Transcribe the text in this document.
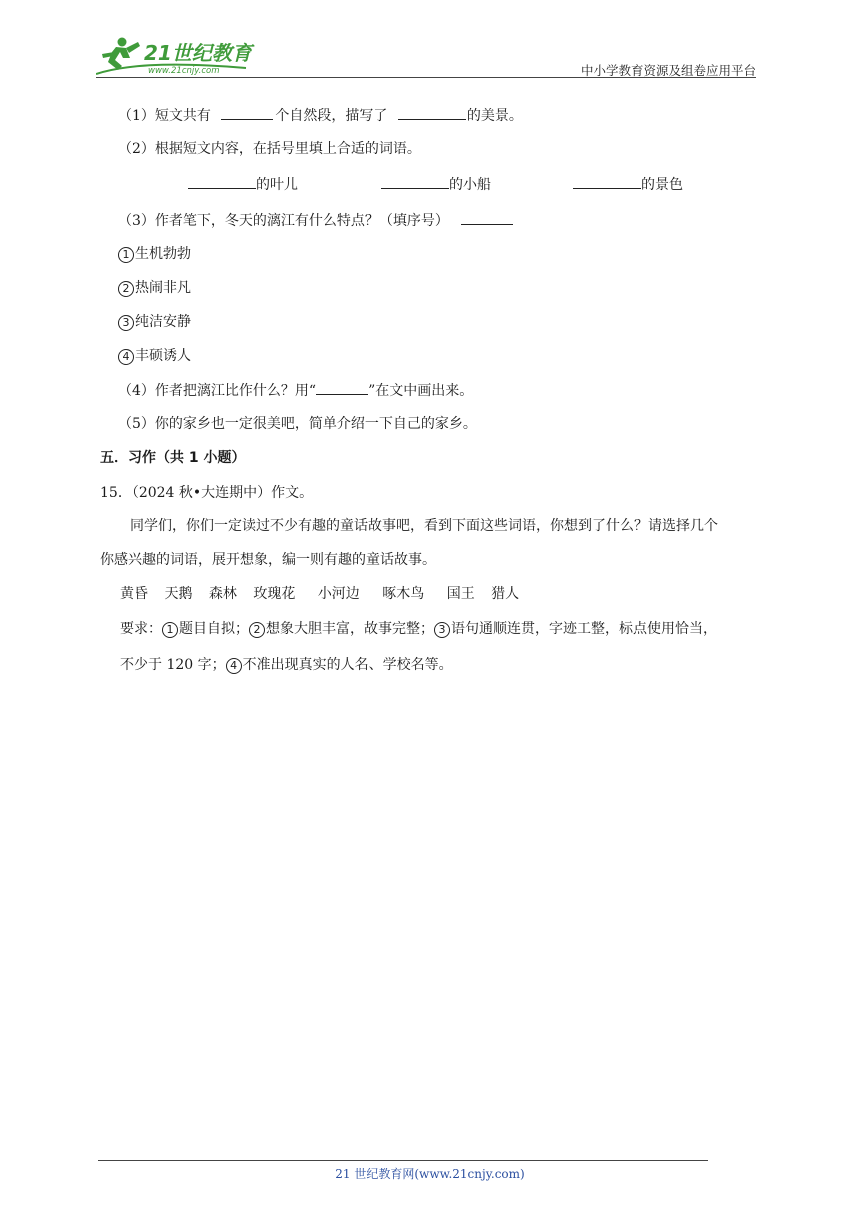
21世纪教育
www.21cnjy.com	中小学教育资源及组卷应用平台
（1）短文共有	个自然段，描写了	的美景。
（2）根据短文内容，在括号里填上合适的词语。
的叶儿	的小船	的景色
（3）作者笔下，冬天的漓江有什么特点？（填序号）
1 生机勃勃
2 热闹非凡
3 纯洁安静
4 丰硕诱人
（4）作者把漓江比作什么？用“	”在文中画出来。
（5）你的家乡也一定很美吧，简单介绍一下自己的家乡。
五．习作（共 1 小题）
15．（2024 秋•大连期中）作文。
同学们，你们一定读过不少有趣的童话故事吧，看到下面这些词语，你想到了什么？请选择几个
你感兴趣的词语，展开想象，编一则有趣的童话故事。
黄昏 天鹅 森林 玫瑰花 小河边 啄木鸟 国王 猎人
要求： 1 题目自拟； 2 想象大胆丰富，故事完整； 3 语句通顺连贯，字迹工整，标点使用恰当，
不少于 120 字； 4 不准出现真实的人名、学校名等。
21 世纪教育网(www.21cnjy.com)
